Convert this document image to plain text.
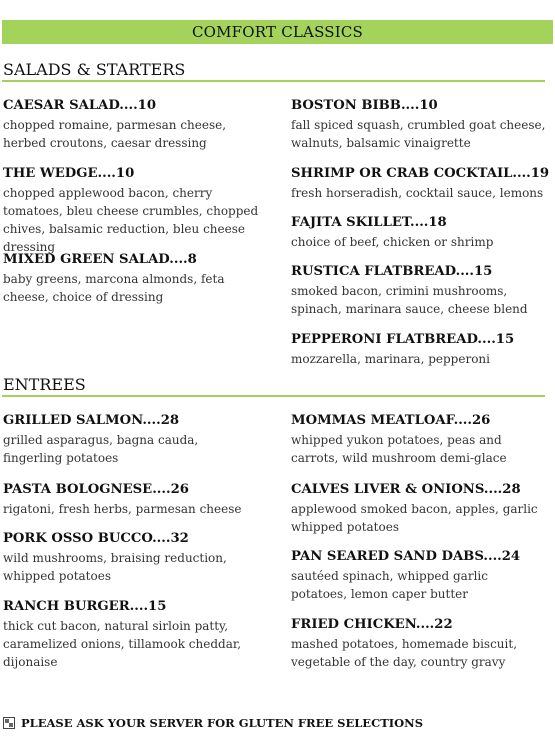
COMFORT CLASSICS
SALADS & STARTERS
CAESAR SALAD....10
chopped romaine, parmesan cheese, herbed croutons, caesar dressing
THE WEDGE....10
chopped applewood bacon, cherry tomatoes, bleu cheese crumbles, chopped chives, balsamic reduction, bleu cheese dressing
MIXED GREEN SALAD....8
baby greens, marcona almonds, feta cheese, choice of dressing
BOSTON BIBB....10
fall spiced squash, crumbled goat cheese, walnuts, balsamic vinaigrette
SHRIMP OR CRAB COCKTAIL....19
fresh horseradish, cocktail sauce, lemons
FAJITA SKILLET....18
choice of beef, chicken or shrimp
RUSTICA FLATBREAD....15
smoked bacon, crimini mushrooms, spinach, marinara sauce, cheese blend
PEPPERONI FLATBREAD....15
mozzarella, marinara, pepperoni
ENTREES
GRILLED SALMON....28
grilled asparagus, bagna cauda, fingerling potatoes
PASTA BOLOGNESE....26
rigatoni, fresh herbs, parmesan cheese
PORK OSSO BUCCO....32
wild mushrooms, braising reduction, whipped potatoes
RANCH BURGER....15
thick cut bacon, natural sirloin patty, caramelized onions, tillamook cheddar, dijonaise
MOMMAS MEATLOAF....26
whipped yukon potatoes, peas and carrots, wild mushroom demi-glace
CALVES LIVER & ONIONS....28
applewood smoked bacon, apples, garlic whipped potatoes
PAN SEARED SAND DABS....24
sautéed spinach, whipped garlic potatoes, lemon caper butter
FRIED CHICKEN....22
mashed potatoes, homemade biscuit, vegetable of the day, country gravy
PLEASE ASK YOUR SERVER FOR GLUTEN FREE SELECTIONS
